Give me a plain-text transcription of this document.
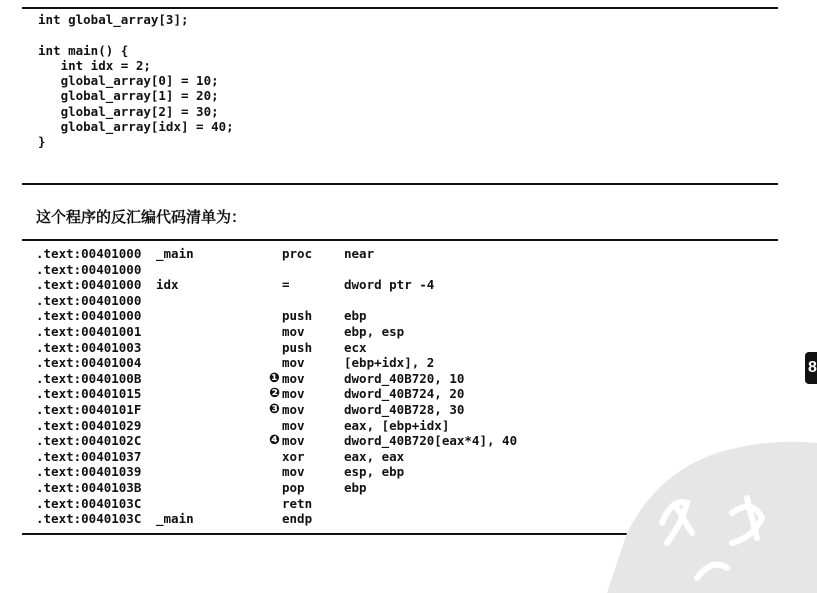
int global_array[3];
int main() {
int idx = 2;
global_array[0] = 10;
global_array[1] = 20;
global_array[2] = 30;
global_array[idx] = 40;
}
这个程序的反汇编代码清单为：
.text:00401000 _main	proc	near
.text:00401000
.text:00401000 idx	=	dword ptr -4
.text:00401000
.text:00401000	push	ebp
.text:00401001	mov	ebp, esp
.text:00401003	push	ecx
.text:00401004	mov	[ebp+idx], 2
.text:0040100B	❶ mov	dword_40B720, 10
.text:00401015	❷ mov	dword_40B724, 20
.text:0040101F	❸ mov	dword_40B728, 30
.text:00401029	mov	eax, [ebp+idx]
.text:0040102C	❹ mov	dword_40B720[eax*4], 40
.text:00401037	xor	eax, eax
.text:00401039	mov	esp, ebp
.text:0040103B	pop	ebp
.text:0040103C	retn
.text:0040103C _main	endp
8
